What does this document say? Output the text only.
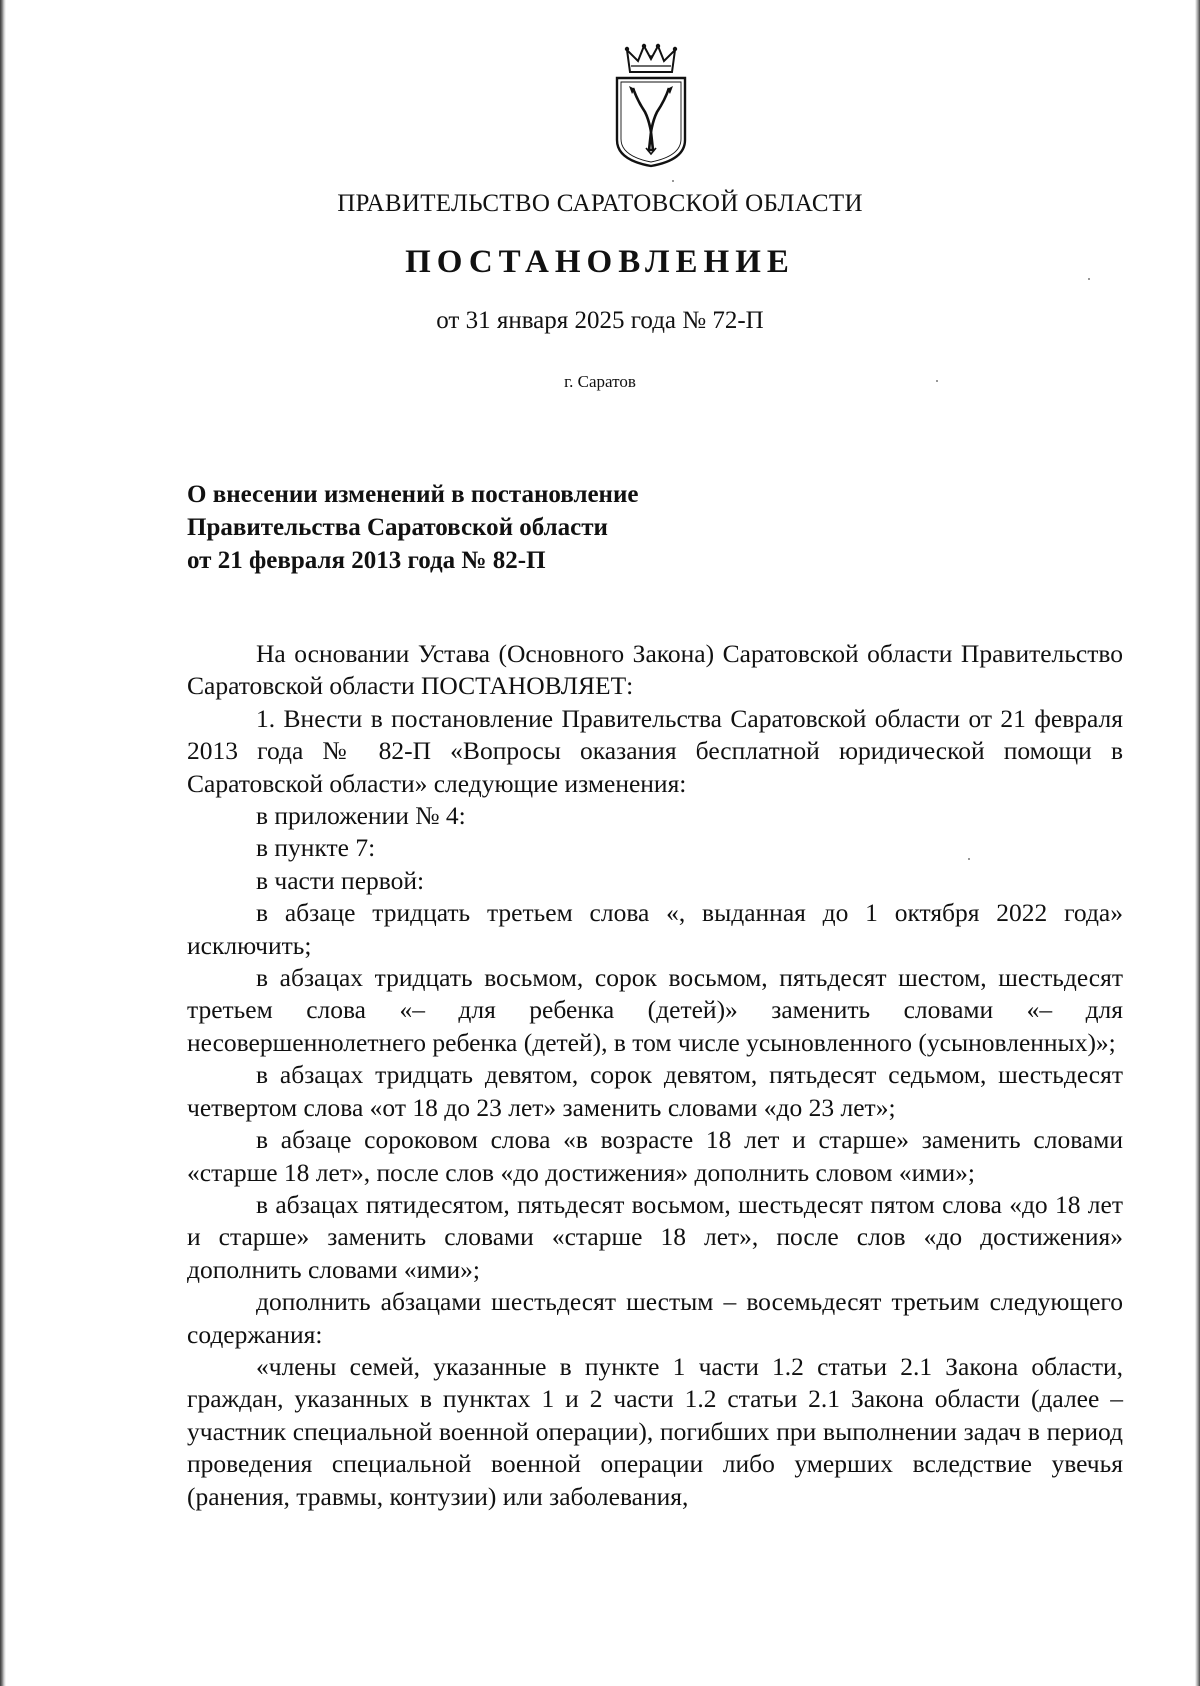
ПРАВИТЕЛЬСТВО САРАТОВСКОЙ ОБЛАСТИ
ПОСТАНОВЛЕНИЕ
от 31 января 2025 года № 72-П
г. Саратов
О внесении изменений в постановление
Правительства Саратовской области
от 21 февраля 2013 года № 82-П

На основании Устава (Основного Закона) Саратовской области Правительство Саратовской области ПОСТАНОВЛЯЕТ:

1. Внести в постановление Правительства Саратовской области от 21 февраля 2013 года № 82-П «Вопросы оказания бесплатной юридической помощи в Саратовской области» следующие изменения:

в приложении № 4:

в пункте 7:

в части первой:

в абзаце тридцать третьем слова «, выданная до 1 октября 2022 года» исключить;

в абзацах тридцать восьмом, сорок восьмом, пятьдесят шестом, шестьдесят третьем слова «– для ребенка (детей)» заменить словами «– для несовершеннолетнего ребенка (детей), в том числе усыновленного (усыновленных)»;

в абзацах тридцать девятом, сорок девятом, пятьдесят седьмом, шестьдесят четвертом слова «от 18 до 23 лет» заменить словами «до 23 лет»;

в абзаце сороковом слова «в возрасте 18 лет и старше» заменить словами «старше 18 лет», после слов «до достижения» дополнить словом «ими»;

в абзацах пятидесятом, пятьдесят восьмом, шестьдесят пятом слова «до 18 лет и старше» заменить словами «старше 18 лет», после слов «до достижения» дополнить словами «ими»;

дополнить абзацами шестьдесят шестым – восемьдесят третьим следующего содержания:

«члены семей, указанные в пункте 1 части 1.2 статьи 2.1 Закона области, граждан, указанных в пунктах 1 и 2 части 1.2 статьи 2.1 Закона области (далее – участник специальной военной операции), погибших при выполнении задач в период проведения специальной военной операции либо умерших вследствие увечья (ранения, травмы, контузии) или заболевания,
